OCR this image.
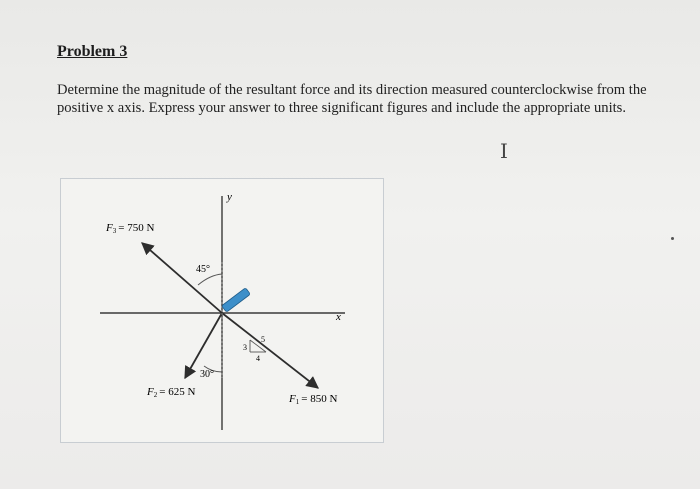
Problem 3

Determine the magnitude of the resultant force and its direction measured counterclockwise from the positive x axis. Express your answer to three significant figures and include the appropriate units.

I
y
x
45°
30°
3
4
5
F3 = 750 N
F2 = 625 N
F1 = 850 N
